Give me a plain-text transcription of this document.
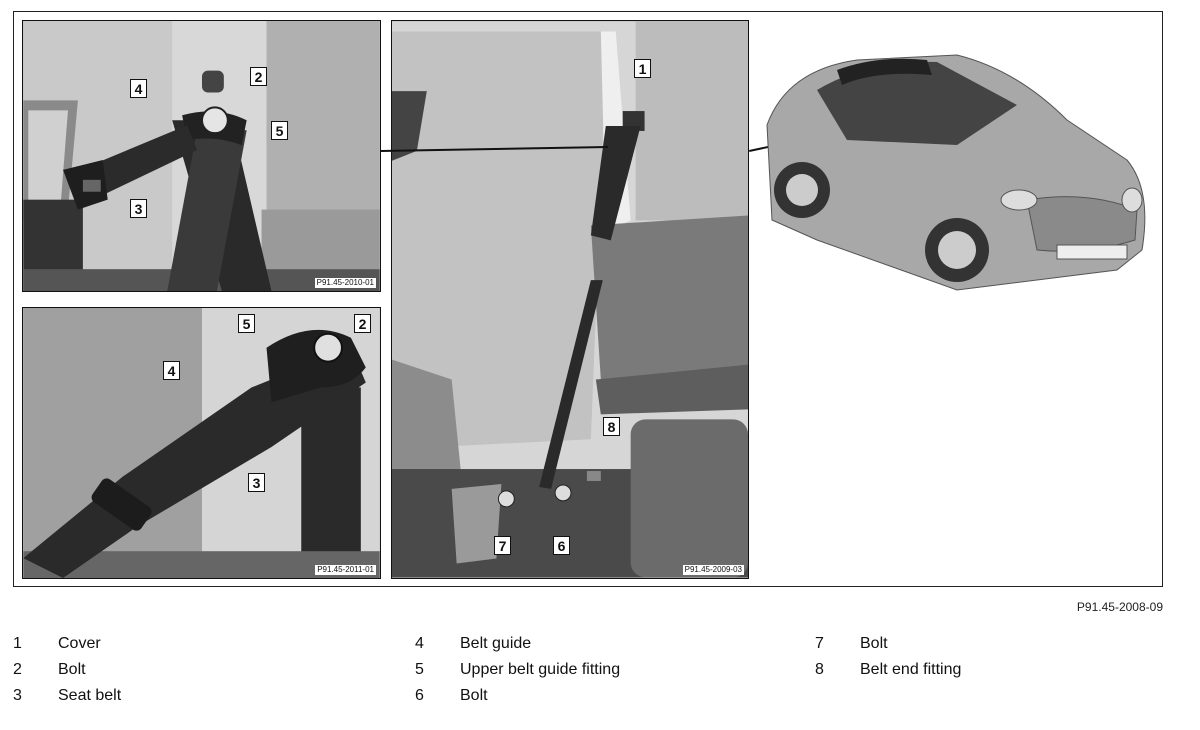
4
2
5
3
P91.45-2010-01
5	2
4
3
P91.45-2011-01
1
8
7	6
P91.45-2009-03
P91.45-2008-09
1	Cover
2	Bolt
3	Seat belt
4	Belt guide
5	Upper belt guide fitting
6	Bolt
7	Bolt
8	Belt end fitting
